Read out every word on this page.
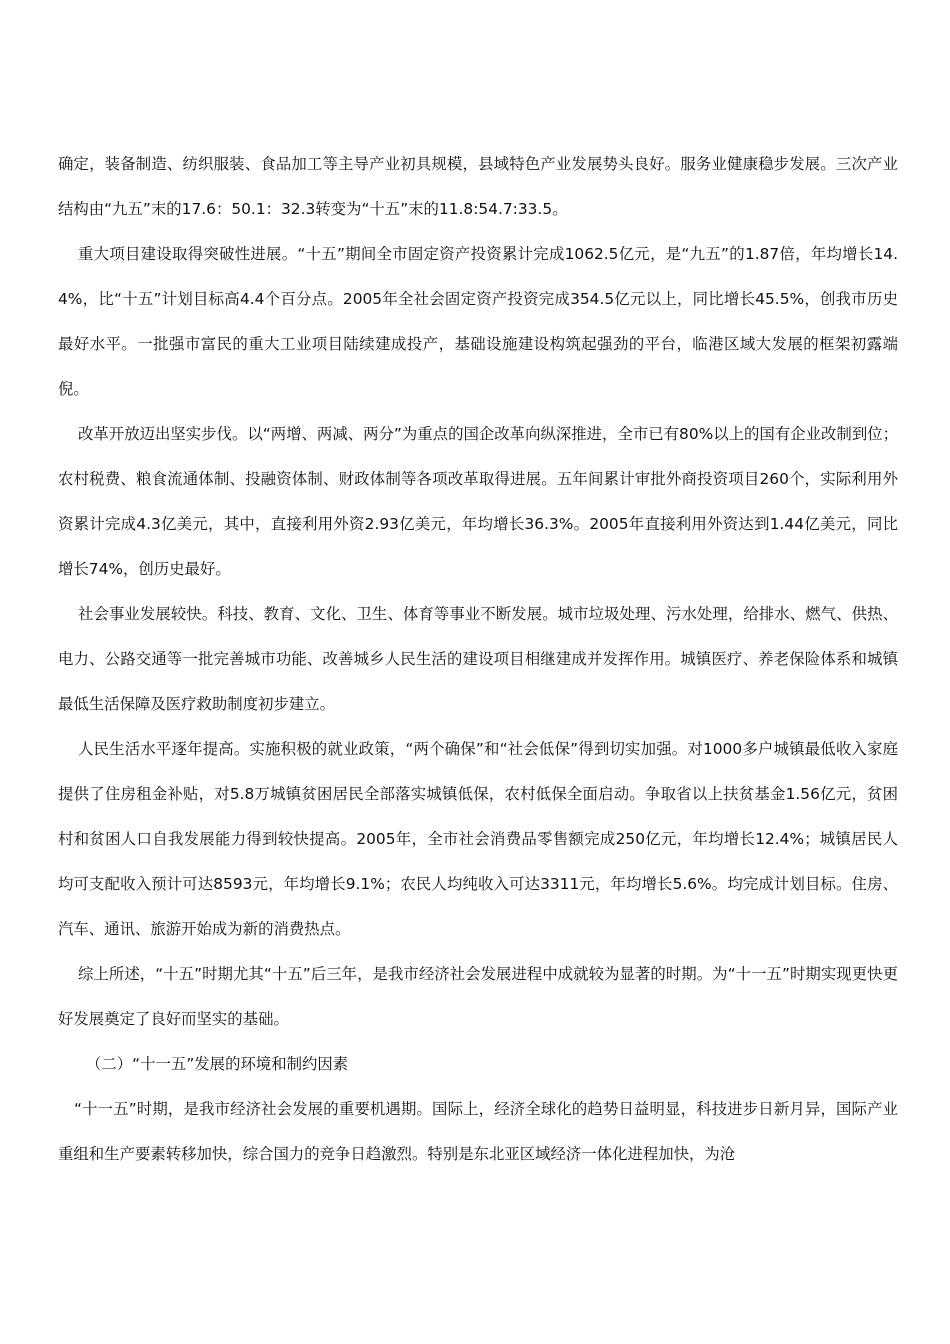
确定，装备制造、纺织服装、食品加工等主导产业初具规模，县域特色产业发展势头良好。服务业健康稳步发展。三次产业结构由“九五”末的17.6：50.1：32.3转变为“十五”末的11.8:54.7:33.5。

重大项目建设取得突破性进展。“十五”期间全市固定资产投资累计完成1062.5亿元，是“九五”的1.87倍，年均增长14.4%，比“十五”计划目标高4.4个百分点。2005年全社会固定资产投资完成354.5亿元以上，同比增长45.5%，创我市历史最好水平。一批强市富民的重大工业项目陆续建成投产，基础设施建设构筑起强劲的平台，临港区域大发展的框架初露端倪。

改革开放迈出坚实步伐。以“两增、两减、两分”为重点的国企改革向纵深推进，全市已有80%以上的国有企业改制到位；农村税费、粮食流通体制、投融资体制、财政体制等各项改革取得进展。五年间累计审批外商投资项目260个，实际利用外资累计完成4.3亿美元，其中，直接利用外资2.93亿美元，年均增长36.3%。2005年直接利用外资达到1.44亿美元，同比增长74%，创历史最好。

社会事业发展较快。科技、教育、文化、卫生、体育等事业不断发展。城市垃圾处理、污水处理，给排水、燃气、供热、电力、公路交通等一批完善城市功能、改善城乡人民生活的建设项目相继建成并发挥作用。城镇医疗、养老保险体系和城镇最低生活保障及医疗救助制度初步建立。

人民生活水平逐年提高。实施积极的就业政策，“两个确保”和“社会低保”得到切实加强。对1000多户城镇最低收入家庭提供了住房租金补贴，对5.8万城镇贫困居民全部落实城镇低保，农村低保全面启动。争取省以上扶贫基金1.56亿元，贫困村和贫困人口自我发展能力得到较快提高。2005年，全市社会消费品零售额完成250亿元，年均增长12.4%；城镇居民人均可支配收入预计可达8593元，年均增长9.1%；农民人均纯收入可达3311元，年均增长5.6%。均完成计划目标。住房、汽车、通讯、旅游开始成为新的消费热点。

综上所述，“十五”时期尤其“十五”后三年，是我市经济社会发展进程中成就较为显著的时期。为“十一五”时期实现更快更好发展奠定了良好而坚实的基础。

（二）“十一五”发展的环境和制约因素

“十一五”时期，是我市经济社会发展的重要机遇期。国际上，经济全球化的趋势日益明显，科技进步日新月异，国际产业重组和生产要素转移加快，综合国力的竞争日趋激烈。特别是东北亚区域经济一体化进程加快，为沧
